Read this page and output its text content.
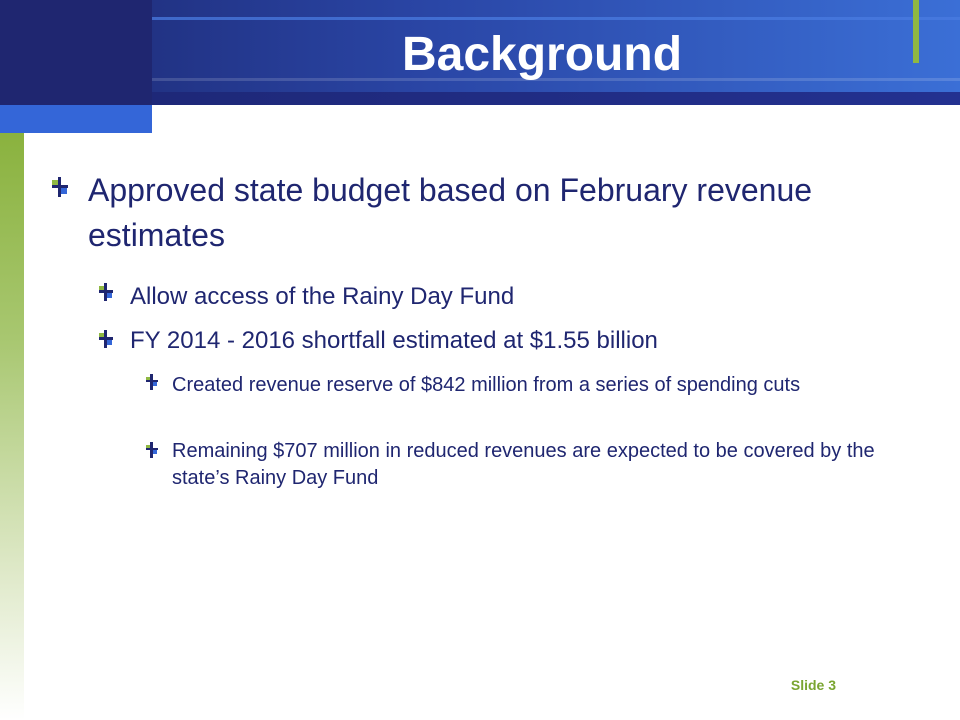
Background
Approved state budget based on February revenue estimates
Allow access of the Rainy Day Fund
FY 2014 - 2016 shortfall estimated at $1.55 billion
Created revenue reserve of $842 million from a series of spending cuts
Remaining $707 million in reduced revenues are expected to be covered by the state’s Rainy Day Fund
Slide 3
